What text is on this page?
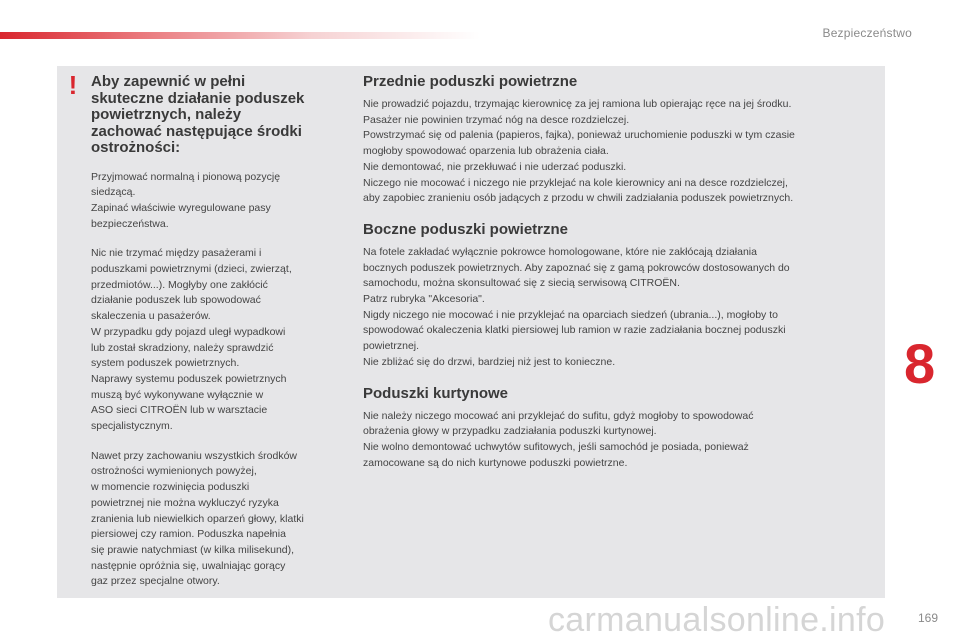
Bezpieczeństwo
! Aby zapewnić w pełni
skuteczne działanie poduszek
powietrznych, należy
zachować następujące środki
ostrożności:

Przyjmować normalną i pionową pozycję

siedzącą.

Zapinać właściwie wyregulowane pasy

bezpieczeństwa.

Nic nie trzymać między pasażerami i

poduszkami powietrznymi (dzieci, zwierząt,

przedmiotów...). Mogłyby one zakłócić

działanie poduszek lub spowodować

skaleczenia u pasażerów.

W przypadku gdy pojazd uległ wypadkowi

lub został skradziony, należy sprawdzić

system poduszek powietrznych.

Naprawy systemu poduszek powietrznych

muszą być wykonywane wyłącznie w

ASO sieci CITROËN lub w warsztacie

specjalistycznym.

Nawet przy zachowaniu wszystkich środków

ostrożności wymienionych powyżej,

w momencie rozwinięcia poduszki

powietrznej nie można wykluczyć ryzyka

zranienia lub niewielkich oparzeń głowy, klatki

piersiowej czy ramion. Poduszka napełnia

się prawie natychmiast (w kilka milisekund),

następnie opróżnia się, uwalniając gorący

gaz przez specjalne otwory.

Przednie poduszki powietrzne

Nie prowadzić pojazdu, trzymając kierownicę za jej ramiona lub opierając ręce na jej środku.

Pasażer nie powinien trzymać nóg na desce rozdzielczej.

Powstrzymać się od palenia (papieros, fajka), ponieważ uruchomienie poduszki w tym czasie

mogłoby spowodować oparzenia lub obrażenia ciała.

Nie demontować, nie przekłuwać i nie uderzać poduszki.

Niczego nie mocować i niczego nie przyklejać na kole kierownicy ani na desce rozdzielczej,

aby zapobiec zranieniu osób jadących z przodu w chwili zadziałania poduszek powietrznych.

Boczne poduszki powietrzne

Na fotele zakładać wyłącznie pokrowce homologowane, które nie zakłócają działania

bocznych poduszek powietrznych. Aby zapoznać się z gamą pokrowców dostosowanych do

samochodu, można skonsultować się z siecią serwisową CITROËN.

Patrz rubryka "Akcesoria".

Nigdy niczego nie mocować i nie przyklejać na oparciach siedzeń (ubrania...), mogłoby to

spowodować okaleczenia klatki piersiowej lub ramion w razie zadziałania bocznej poduszki

powietrznej.

Nie zbliżać się do drzwi, bardziej niż jest to konieczne.

Poduszki kurtynowe

Nie należy niczego mocować ani przyklejać do sufitu, gdyż mogłoby to spowodować

obrażenia głowy w przypadku zadziałania poduszki kurtynowej.

Nie wolno demontować uchwytów sufitowych, jeśli samochód je posiada, ponieważ

zamocowane są do nich kurtynowe poduszki powietrzne.

8
carmanualsonline.info	169
